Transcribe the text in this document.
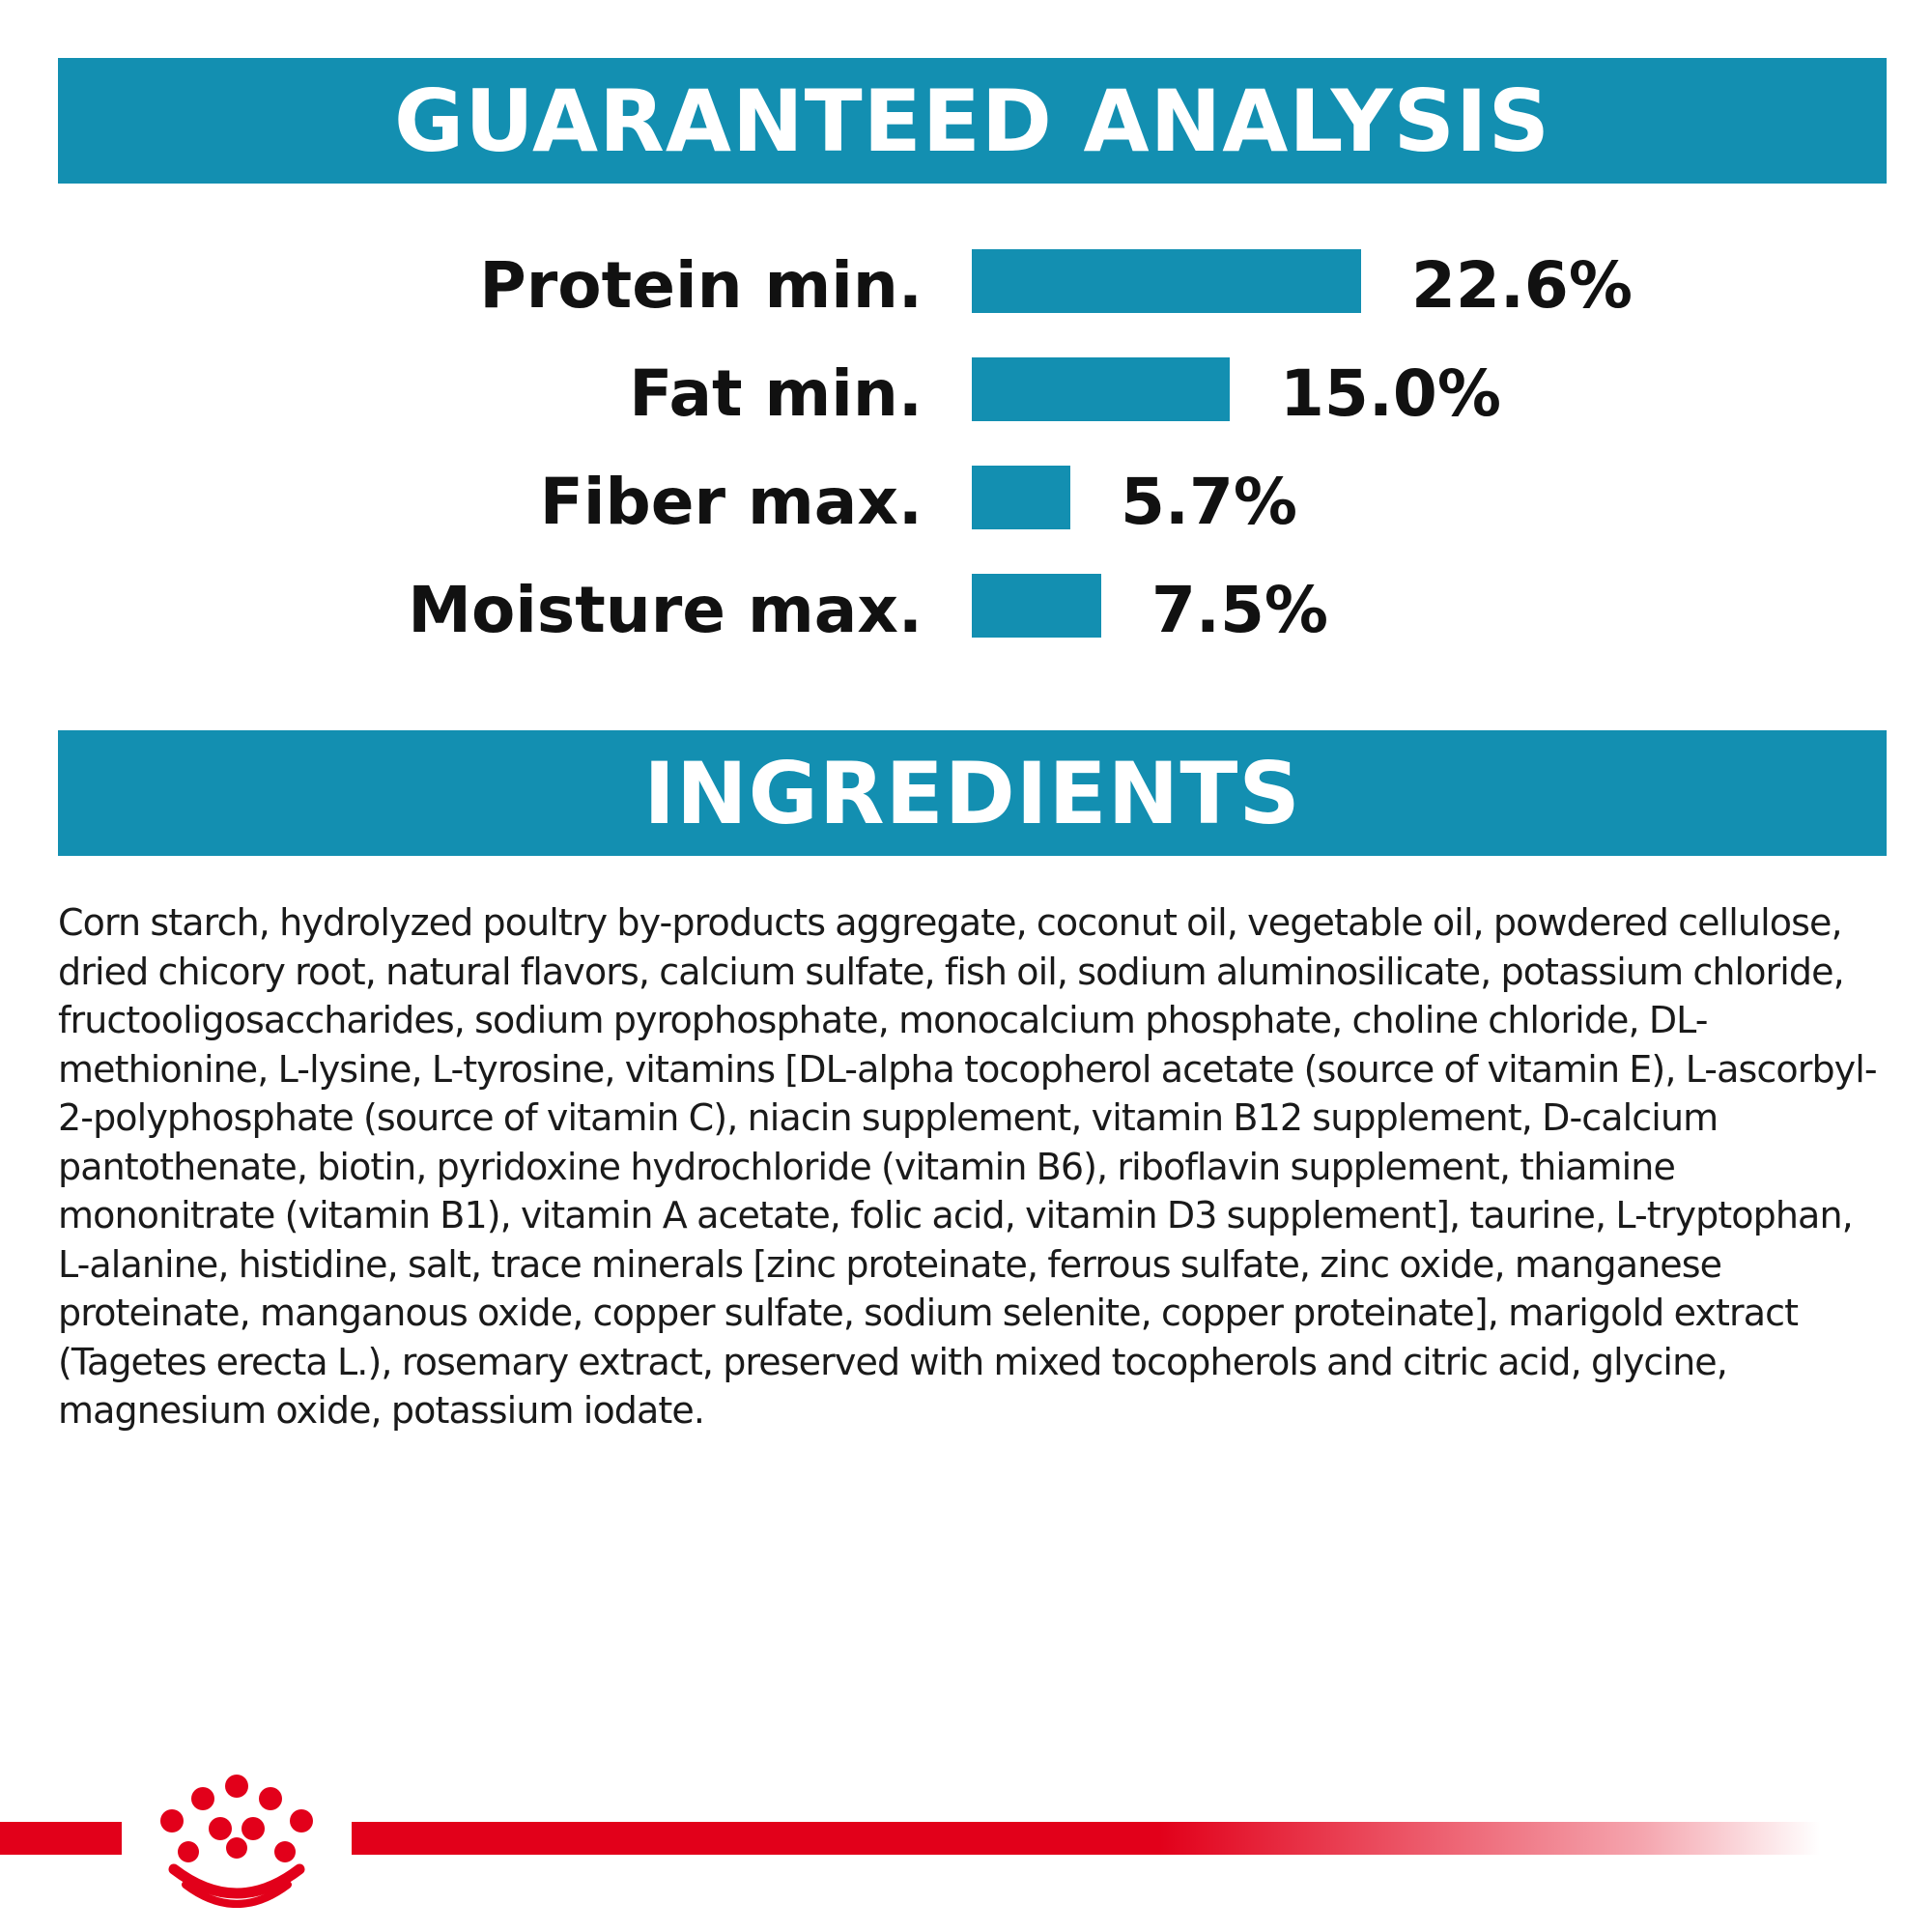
GUARANTEED ANALYSIS
Protein min.	22.6%
Fat min.	15.0%
Fiber max.	5.7%
Moisture max.	7.5%
INGREDIENTS
Corn starch, hydrolyzed poultry by-products aggregate, coconut oil, vegetable oil, powdered cellulose, dried chicory root, natural flavors, calcium sulfate, fish oil, sodium aluminosilicate, potassium chloride, fructooligosaccharides, sodium pyrophosphate, monocalcium phosphate, choline chloride, DL-methionine, L-lysine, L-tyrosine, vitamins [DL-alpha tocopherol acetate (source of vitamin E), L-ascorbyl-2-polyphosphate (source of vitamin C), niacin supplement, vitamin B12 supplement, D-calcium pantothenate, biotin, pyridoxine hydrochloride (vitamin B6), riboflavin supplement, thiamine mononitrate (vitamin B1), vitamin A acetate, folic acid, vitamin D3 supplement], taurine, L-tryptophan, L-alanine, histidine, salt, trace minerals [zinc proteinate, ferrous sulfate, zinc oxide, manganese proteinate, manganous oxide, copper sulfate, sodium selenite, copper proteinate], marigold extract (Tagetes erecta L.), rosemary extract, preserved with mixed tocopherols and citric acid, glycine, magnesium oxide, potassium iodate.
